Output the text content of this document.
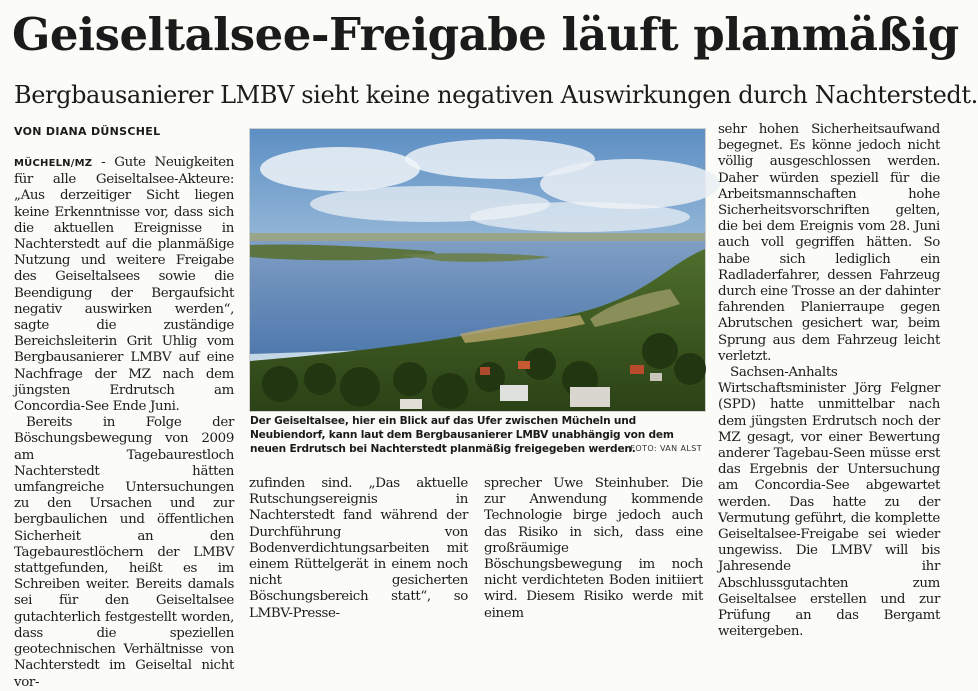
Geiseltalsee-Freigabe läuft planmäßig
Bergbausanierer LMBV sieht keine negativen Auswirkungen durch Nachterstedt.
VON DIANA DÜNSCHEL

MÜCHELN/MZ - Gute Neuigkeiten für alle Geiseltalsee-Akteure: „Aus derzeitiger Sicht liegen keine Erkenntnisse vor, dass sich die aktuellen Ereignisse in Nachterstedt auf die planmäßige Nutzung und weitere Freigabe des Geiseltalsees sowie die Beendigung der Bergaufsicht negativ auswirken werden“, sagte die zuständige Bereichsleiterin Grit Uhlig vom Bergbausanierer LMBV auf eine Nachfrage der MZ nach dem jüngsten Erdrutsch am Concordia-See Ende Juni.

Bereits in Folge der Böschungsbewegung von 2009 am Tagebaurestloch Nachterstedt hätten umfangreiche Untersuchungen zu den Ursachen und zur bergbaulichen und öffentlichen Sicherheit an den Tagebaurestlöchern der LMBV stattgefunden, heißt es im Schreiben weiter. Bereits damals sei für den Geiseltalsee gutachterlich festgestellt worden, dass die speziellen geotechnischen Verhältnisse von Nachterstedt im Geiseltal nicht vor-

Der Geiseltalsee, hier ein Blick auf das Ufer zwischen Mücheln und Neubiendorf, kann laut dem Bergbausanierer LMBV unabhängig von dem neuen Erdrutsch bei Nachterstedt planmäßig freigegeben werden.
FOTO: VAN ALST

zufinden sind. „Das aktuelle Rutschungsereignis in Nachterstedt fand während der Durchführung von Bodenverdichtungsarbeiten mit einem Rüttelgerät in einem noch nicht gesicherten Böschungsbereich statt“, so LMBV-Presse-

sprecher Uwe Steinhuber. Die zur Anwendung kommende Technologie birge jedoch auch das Risiko in sich, dass eine großräumige Böschungsbewegung im noch nicht verdichteten Boden initiiert wird. Diesem Risiko werde mit einem

sehr hohen Sicherheitsaufwand begegnet. Es könne jedoch nicht völlig ausgeschlossen werden. Daher würden speziell für die Arbeitsmannschaften hohe Sicherheitsvorschriften gelten, die bei dem Ereignis vom 28. Juni auch voll gegriffen hätten. So habe sich lediglich ein Radladerfahrer, dessen Fahrzeug durch eine Trosse an der dahinter fahrenden Planierraupe gegen Abrutschen gesichert war, beim Sprung aus dem Fahrzeug leicht verletzt.

Sachsen-Anhalts Wirtschaftsminister Jörg Felgner (SPD) hatte unmittelbar nach dem jüngsten Erdrutsch noch der MZ gesagt, vor einer Bewertung anderer Tagebau-Seen müsse erst das Ergebnis der Untersuchung am Concordia-See abgewartet werden. Das hatte zu der Vermutung geführt, die komplette Geiseltalsee-Freigabe sei wieder ungewiss. Die LMBV will bis Jahresende ihr Abschlussgutachten zum Geiseltalsee erstellen und zur Prüfung an das Bergamt weitergeben.
